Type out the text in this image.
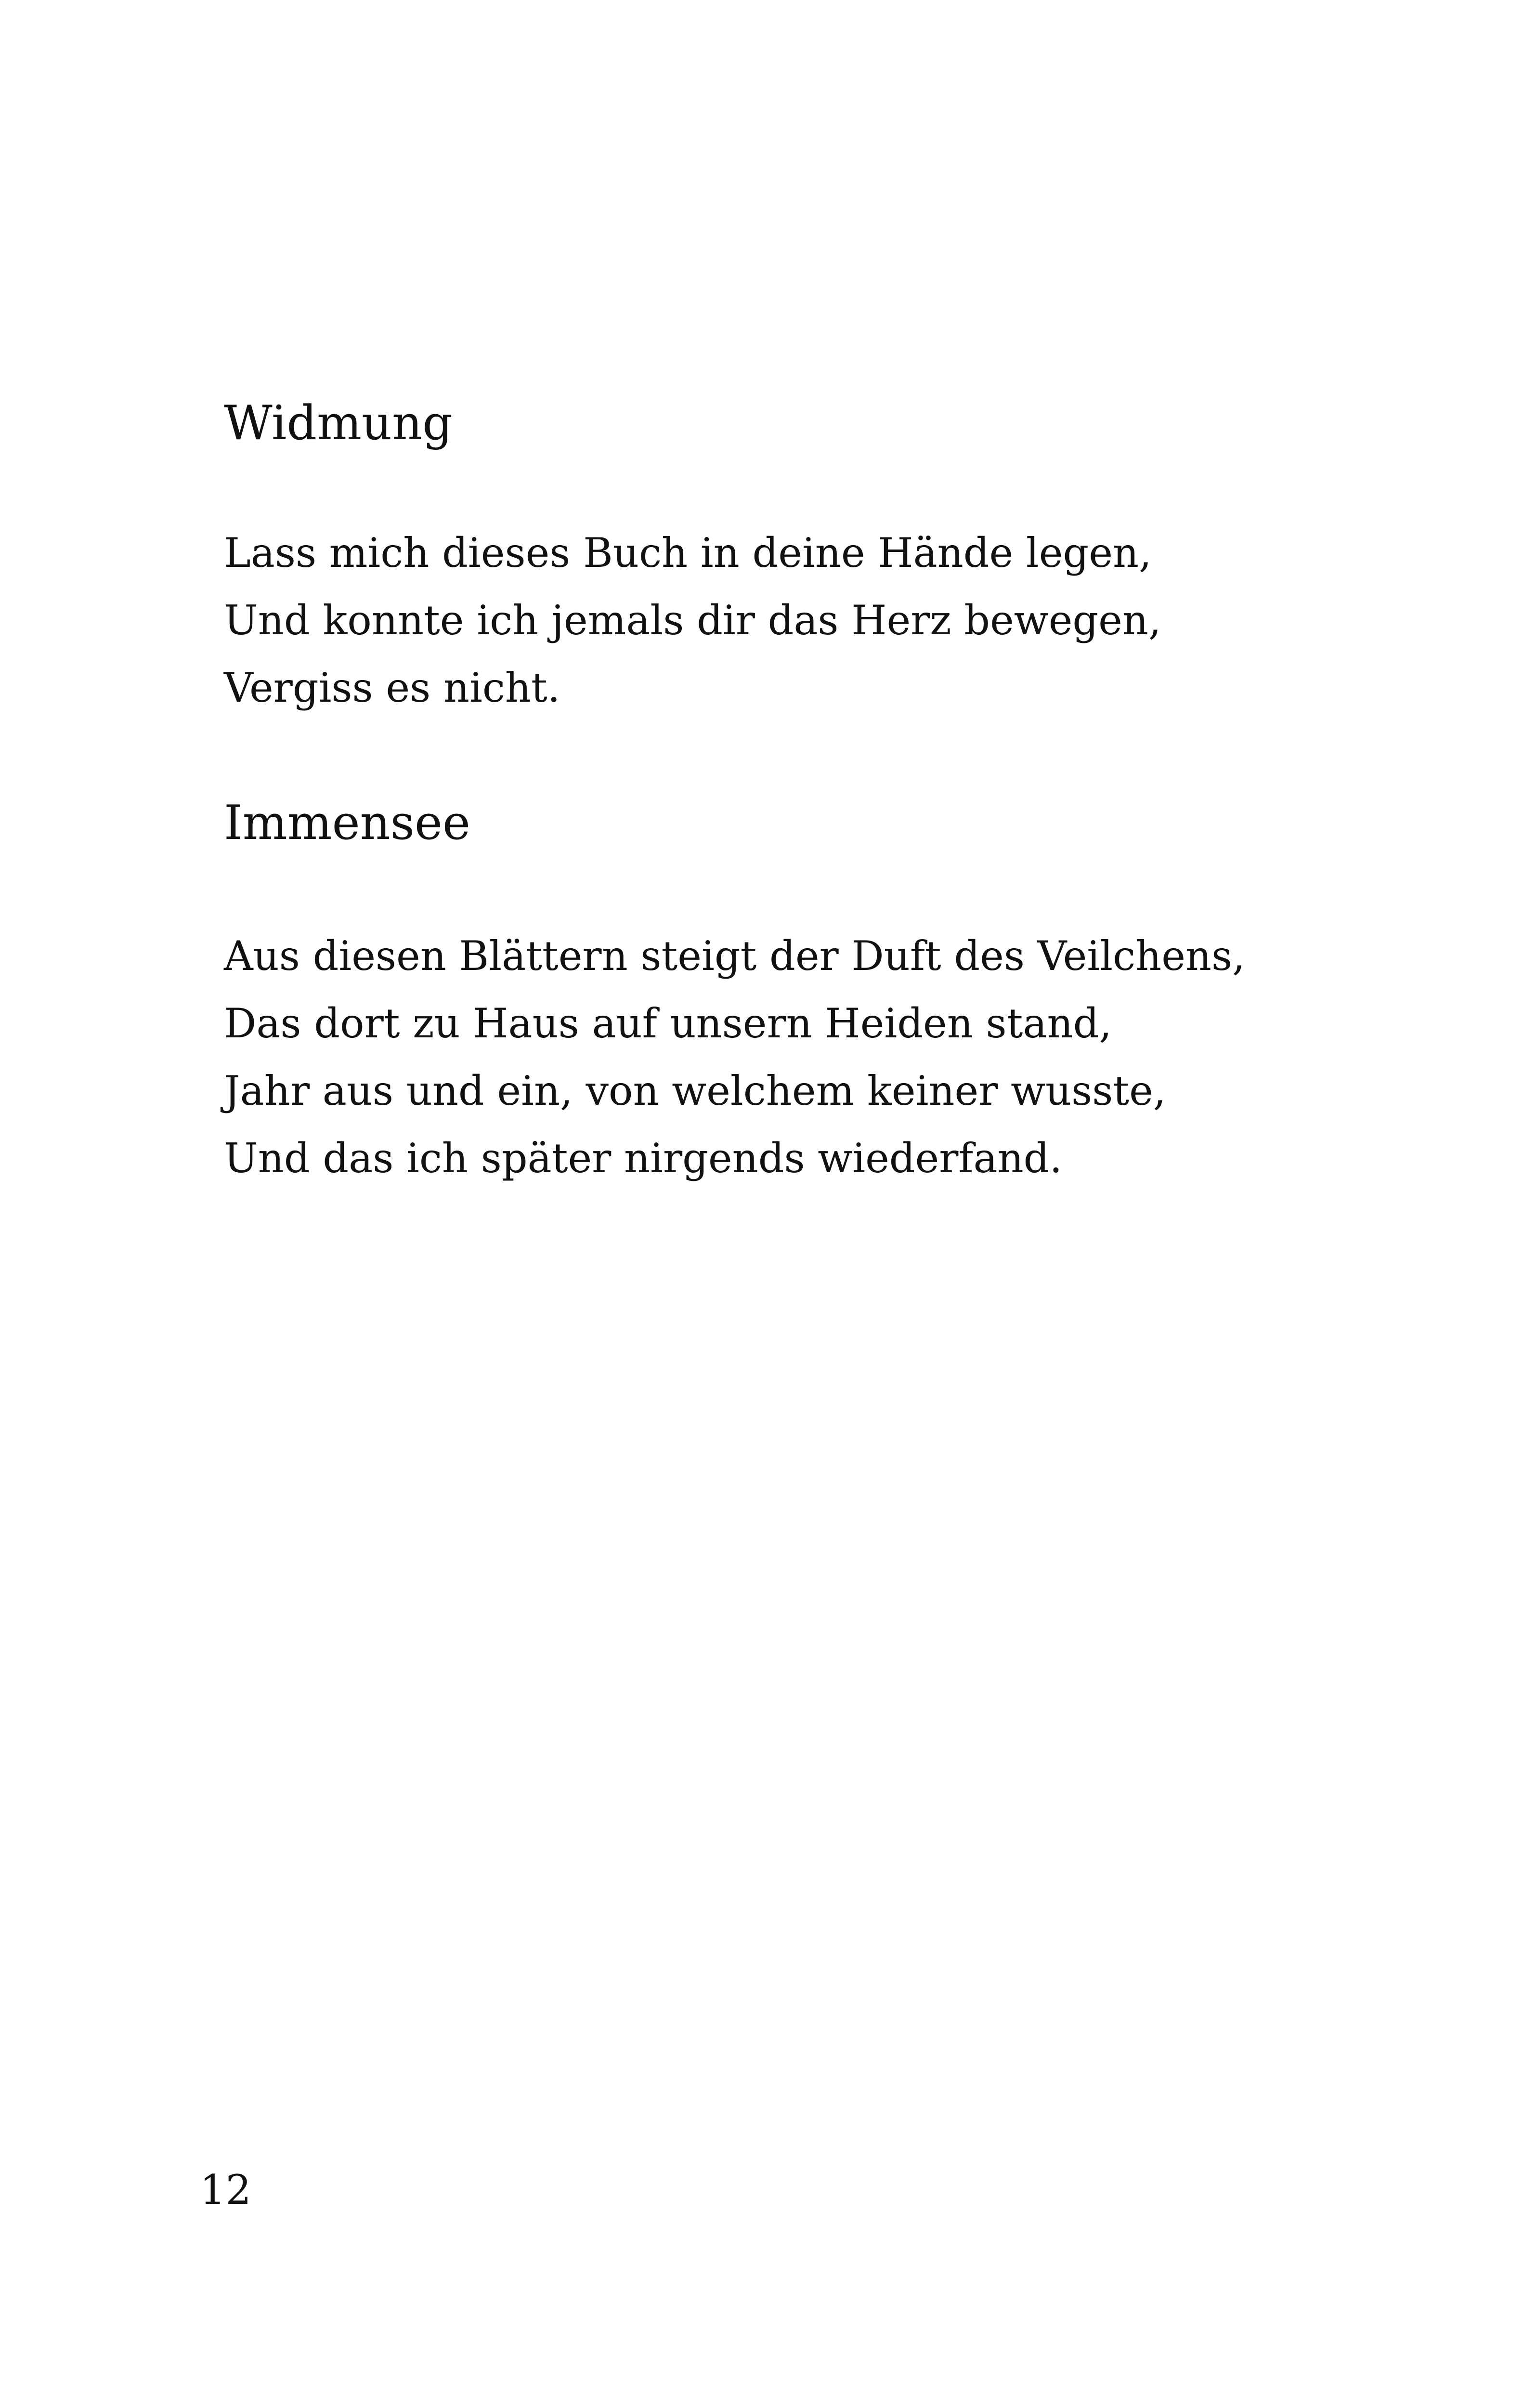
Widmung
Lass mich dieses Buch in deine Hände legen,
Und konnte ich jemals dir das Herz bewegen,
Vergiss es nicht.
Immensee
Aus diesen Blättern steigt der Duft des Veilchens,
Das dort zu Haus auf unsern Heiden stand,
Jahr aus und ein, von welchem keiner wusste,
Und das ich später nirgends wiederfand.
12
